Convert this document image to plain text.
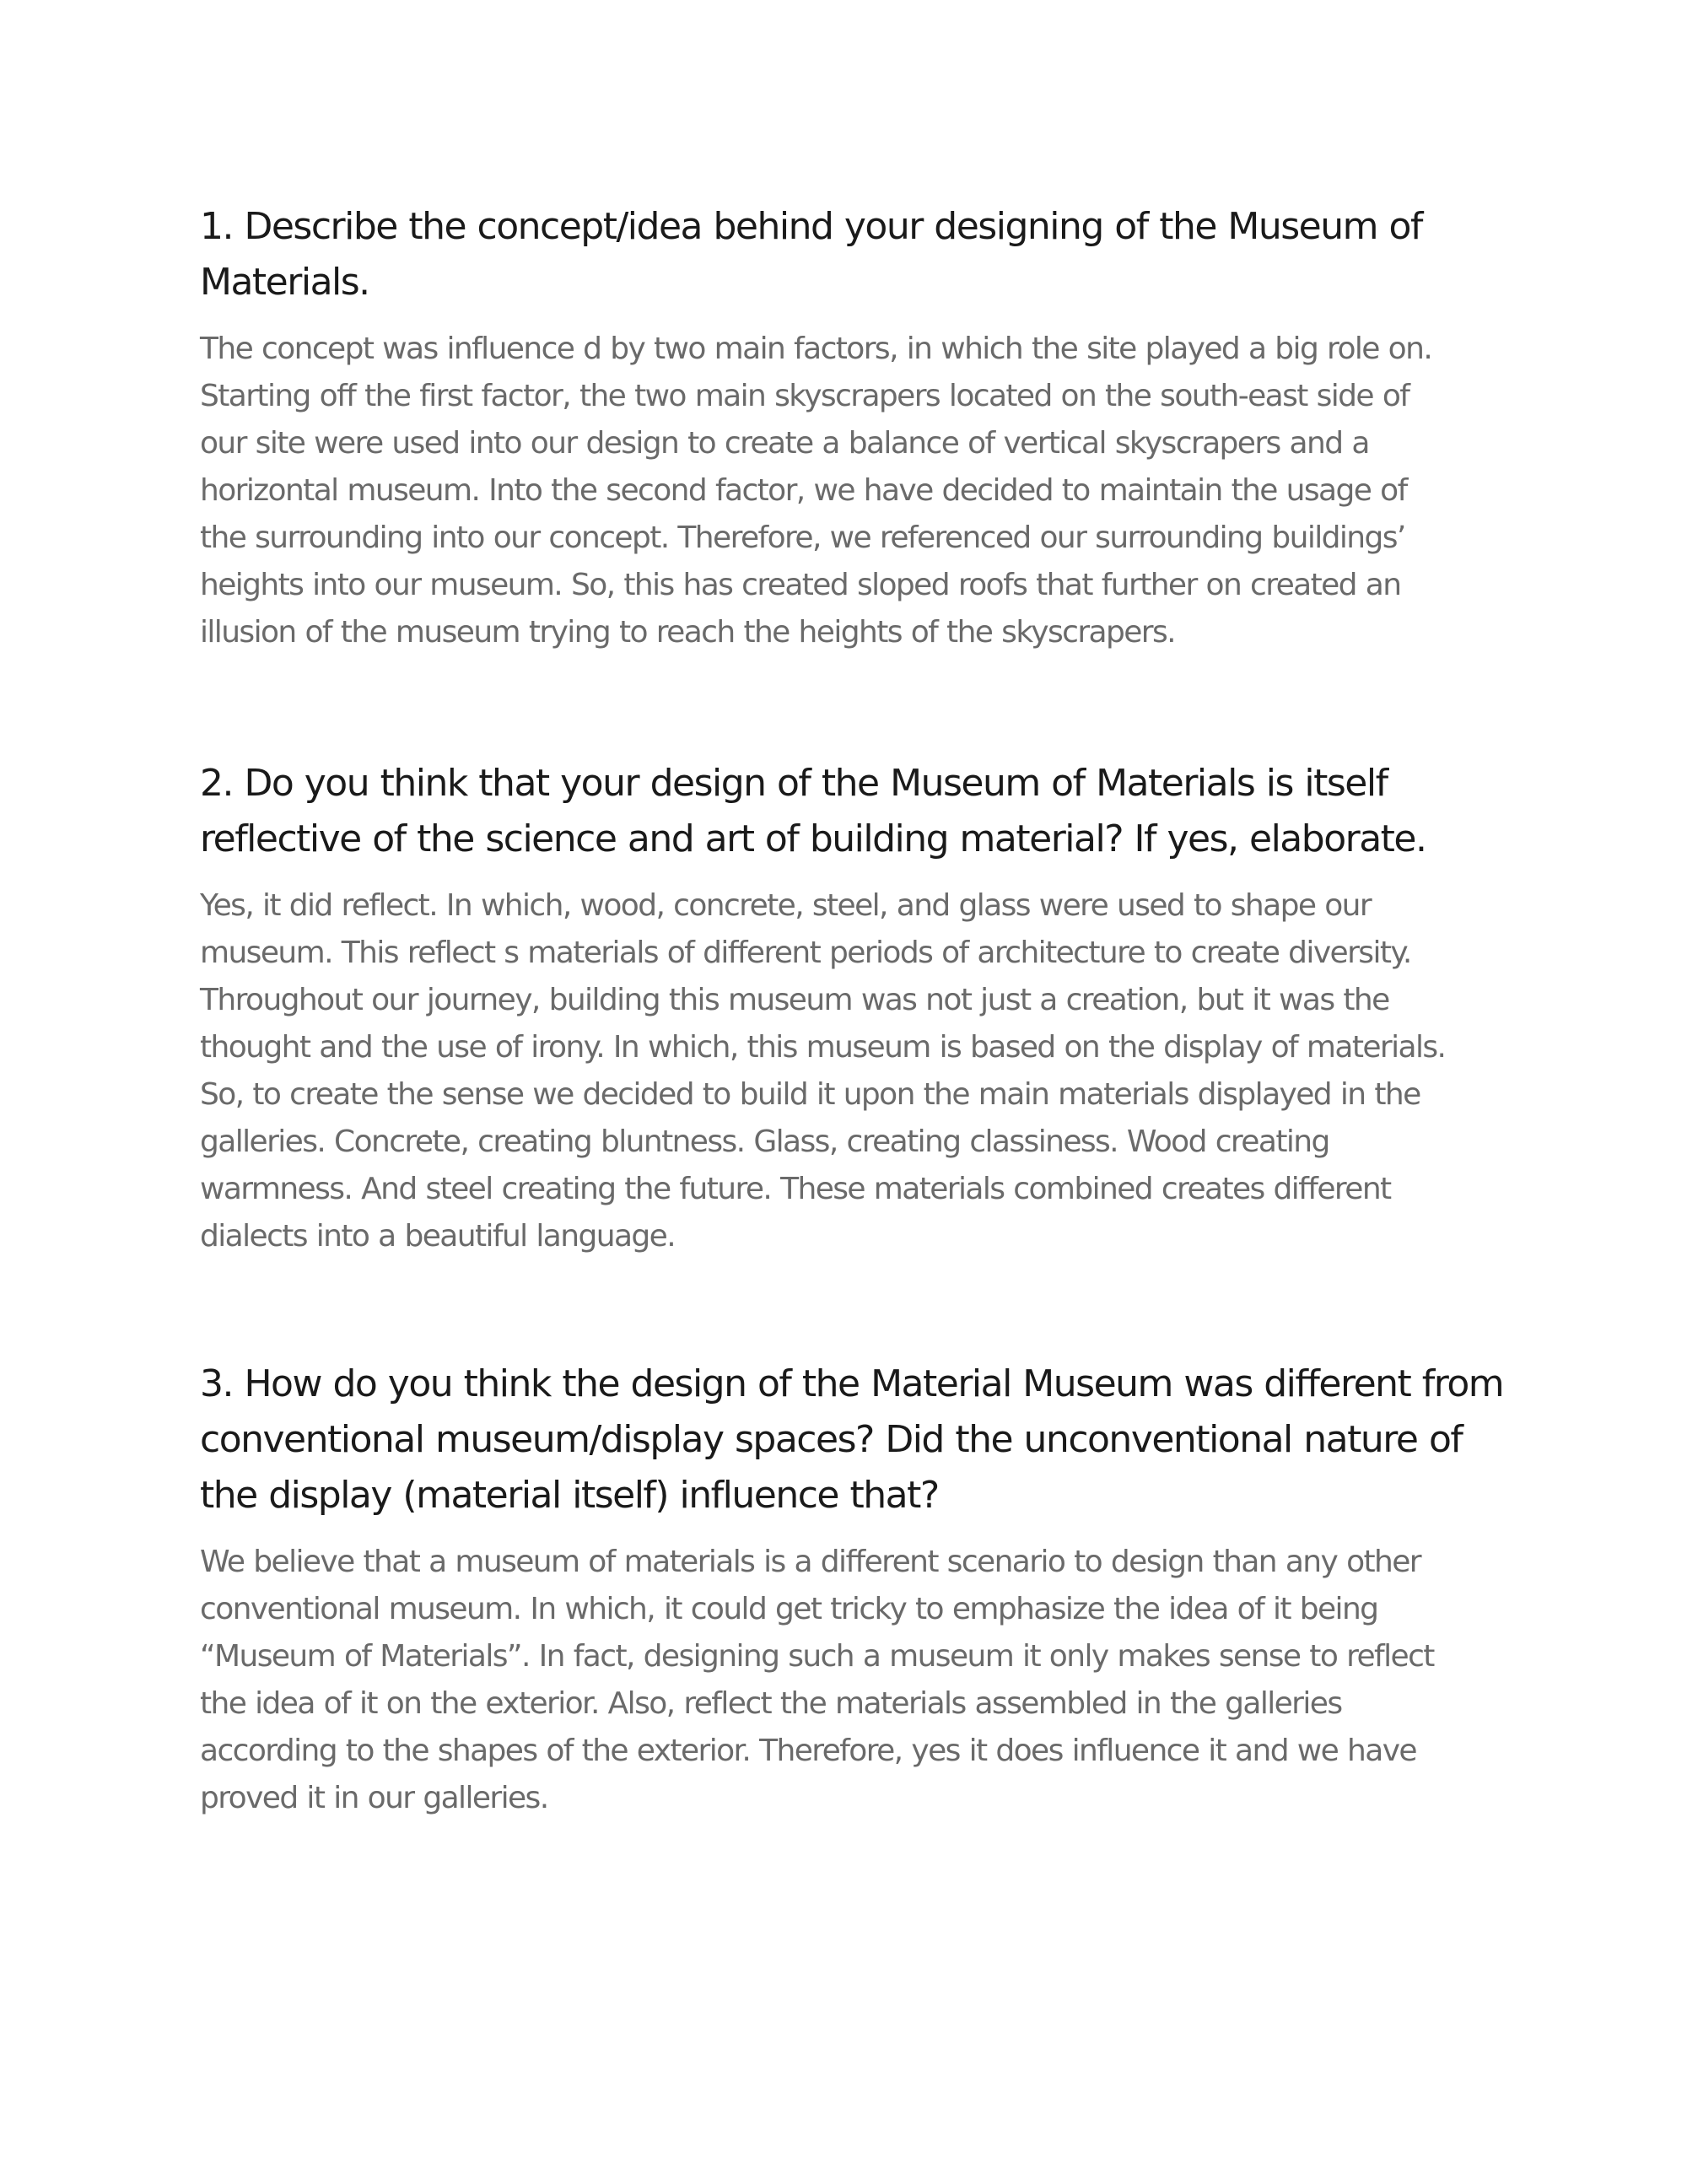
1. Describe the concept/idea behind your designing of the Museum of
Materials.

The concept was influence d by two main factors, in which the site played a big role on.
Starting off the first factor, the two main skyscrapers located on the south-east side of
our site were used into our design to create a balance of vertical skyscrapers and a
horizontal museum. Into the second factor, we have decided to maintain the usage of
the surrounding into our concept. Therefore, we referenced our surrounding buildings’
heights into our museum. So, this has created sloped roofs that further on created an
illusion of the museum trying to reach the heights of the skyscrapers.

2. Do you think that your design of the Museum of Materials is itself
reflective of the science and art of building material? If yes, elaborate.

Yes, it did reflect. In which, wood, concrete, steel, and glass were used to shape our
museum. This reflect s materials of different periods of architecture to create diversity.
Throughout our journey, building this museum was not just a creation, but it was the
thought and the use of irony. In which, this museum is based on the display of materials.
So, to create the sense we decided to build it upon the main materials displayed in the
galleries. Concrete, creating bluntness. Glass, creating classiness. Wood creating
warmness. And steel creating the future. These materials combined creates different
dialects into a beautiful language.

3. How do you think the design of the Material Museum was different from
conventional museum/display spaces? Did the unconventional nature of
the display (material itself) influence that?

We believe that a museum of materials is a different scenario to design than any other
conventional museum. In which, it could get tricky to emphasize the idea of it being
“Museum of Materials”. In fact, designing such a museum it only makes sense to reflect
the idea of it on the exterior. Also, reflect the materials assembled in the galleries
according to the shapes of the exterior. Therefore, yes it does influence it and we have
proved it in our galleries.
